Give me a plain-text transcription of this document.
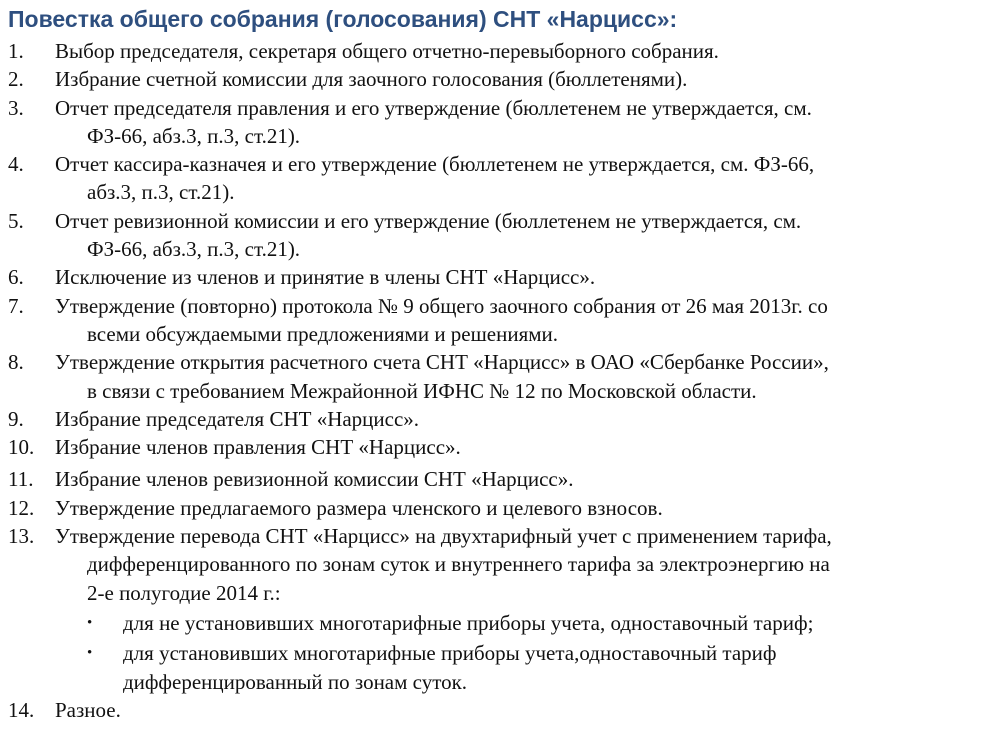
Повестка общего собрания (голосования) СНТ «Нарцисс»:
1.	Выбор председателя, секретаря общего отчетно-перевыборного собрания.
2.	Избрание счетной комиссии для заочного голосования (бюллетенями).
3.	Отчет председателя правления и его утверждение (бюллетенем не утверждается, см.
ФЗ-66, абз.3, п.3, ст.21).
4.	Отчет кассира-казначея и его утверждение (бюллетенем не утверждается, см. ФЗ-66,
абз.3, п.3, ст.21).
5.	Отчет ревизионной комиссии и его утверждение (бюллетенем не утверждается, см.
ФЗ-66, абз.3, п.3, ст.21).
6.	Исключение из членов и принятие в члены СНТ «Нарцисс».
7.	Утверждение (повторно) протокола № 9 общего заочного собрания от 26 мая 2013г. со
всеми обсуждаемыми предложениями и решениями.
8.	Утверждение открытия расчетного счета СНТ «Нарцисс» в ОАО «Сбербанке России»,
в связи с требованием Межрайонной ИФНС № 12 по Московской области.
9.	Избрание председателя СНТ «Нарцисс».
10. Избрание членов правления СНТ «Нарцисс».
11.	Избрание членов ревизионной комиссии СНТ «Нарцисс».
12. Утверждение предлагаемого размера членского и целевого взносов.
13. Утверждение перевода СНТ «Нарцисс» на двухтарифный учет с применением тарифа,
дифференцированного по зонам суток и внутреннего тарифа за электроэнергию на
2-е полугодие 2014 г.:
• для не установивших многотарифные приборы учета, одноставочный тариф;
• для установивших многотарифные приборы учета,одноставочный тариф
дифференцированный по зонам суток.
14. Разное.
